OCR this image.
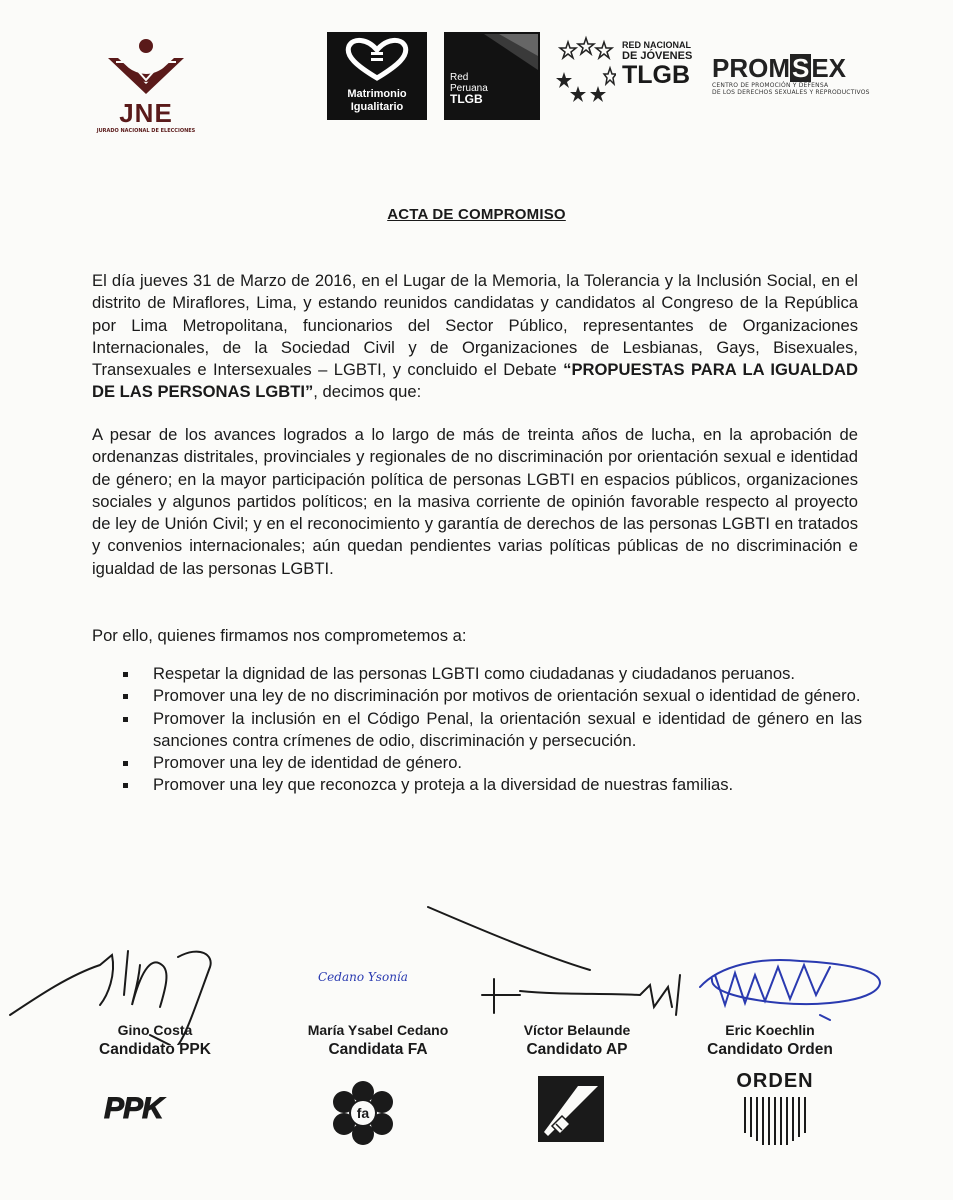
JNE
JURADO NACIONAL DE ELECCIONES
Matrimonio
Igualitario
Red
Peruana
TLGB
RED NACIONAL
DE JÓVENES
TLGB PROMSEX
CENTRO DE PROMOCIÓN Y DEFENSA
DE LOS DERECHOS SEXUALES Y REPRODUCTIVOS
ACTA DE COMPROMISO
El día jueves 31 de Marzo de 2016, en el Lugar de la Memoria, la Tolerancia y la Inclusión Social, en el distrito de Miraflores, Lima, y estando reunidos candidatas y candidatos al Congreso de la República por Lima Metropolitana, funcionarios del Sector Público, representantes de Organizaciones Internacionales, de la Sociedad Civil y de Organizaciones de Lesbianas, Gays, Bisexuales, Transexuales e Intersexuales – LGBTI, y concluido el Debate “PROPUESTAS PARA LA IGUALDAD DE LAS PERSONAS LGBTI”, decimos que:
A pesar de los avances logrados a lo largo de más de treinta años de lucha, en la aprobación de ordenanzas distritales, provinciales y regionales de no discriminación por orientación sexual e identidad de género; en la mayor participación política de personas LGBTI en espacios públicos, organizaciones sociales y algunos partidos políticos; en la masiva corriente de opinión favorable respecto al proyecto de ley de Unión Civil; y en el reconocimiento y garantía de derechos de las personas LGBTI en tratados y convenios internacionales; aún quedan pendientes varias políticas públicas de no discriminación e igualdad de las personas LGBTI.
Por ello, quienes firmamos nos comprometemos a:
Respetar la dignidad de las personas LGBTI como ciudadanas y ciudadanos peruanos.
Promover una ley de no discriminación por motivos de orientación sexual o identidad de género.
Promover la inclusión en el Código Penal, la orientación sexual e identidad de género en las sanciones contra crímenes de odio, discriminación y persecución.
Promover una ley de identidad de género.
Promover una ley que reconozca y proteja a la diversidad de nuestras familias.
Cedano Ysonía
Gino Costa
Candidato PPK
María Ysabel Cedano
Candidata FA
Víctor Belaunde
Candidato AP
Eric Koechlin
Candidato Orden
PPK	fa
ORDEN
